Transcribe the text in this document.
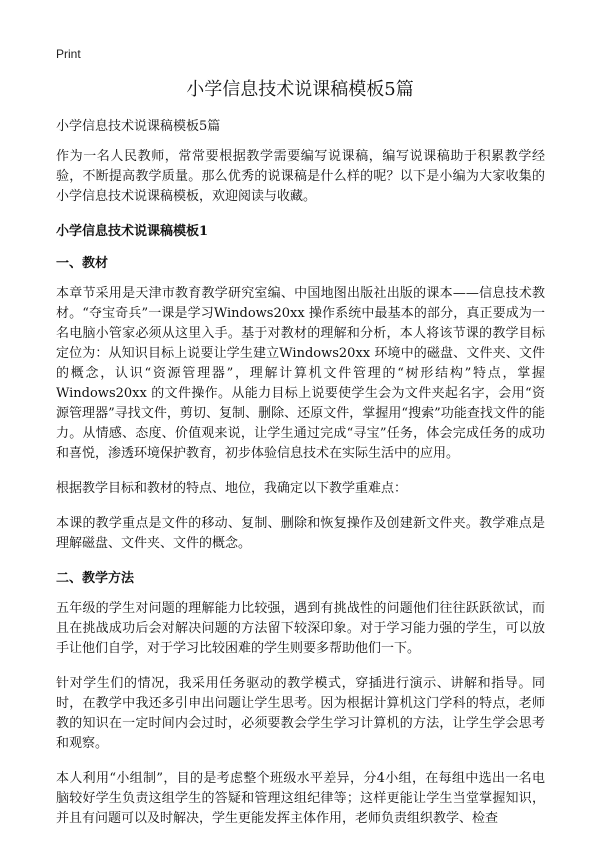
Print
小学信息技术说课稿模板5篇

小学信息技术说课稿模板5篇

作为一名人民教师，常常要根据教学需要编写说课稿，编写说课稿助于积累教学经验，不断提高教学质量。那么优秀的说课稿是什么样的呢？以下是小编为大家收集的小学信息技术说课稿模板，欢迎阅读与收藏。

小学信息技术说课稿模板1
一、教材

本章节采用是天津市教育教学研究室编、中国地图出版社出版的课本——信息技术教材。“夺宝奇兵”一课是学习Windows20xx 操作系统中最基本的部分，真正要成为一名电脑小管家必须从这里入手。基于对教材的理解和分析，本人将该节课的教学目标定位为：从知识目标上说要让学生建立Windows20xx 环境中的磁盘、文件夹、文件的概念，认识“资源管理器”，理解计算机文件管理的“树形结构”特点，掌握Windows20xx 的文件操作。从能力目标上说要使学生会为文件夹起名字，会用“资源管理器”寻找文件，剪切、复制、删除、还原文件，掌握用“搜索”功能查找文件的能力。从情感、态度、价值观来说，让学生通过完成“寻宝”任务，体会完成任务的成功和喜悦，渗透环境保护教育，初步体验信息技术在实际生活中的应用。

根据教学目标和教材的特点、地位，我确定以下教学重难点：

本课的教学重点是文件的移动、复制、删除和恢复操作及创建新文件夹。教学难点是理解磁盘、文件夹、文件的概念。

二、教学方法

五年级的学生对问题的理解能力比较强，遇到有挑战性的问题他们往往跃跃欲试，而且在挑战成功后会对解决问题的方法留下较深印象。对于学习能力强的学生，可以放手让他们自学，对于学习比较困难的学生则要多帮助他们一下。

针对学生们的情况，我采用任务驱动的教学模式，穿插进行演示、讲解和指导。同时，在教学中我还多引申出问题让学生思考。因为根据计算机这门学科的特点，老师教的知识在一定时间内会过时，必须要教会学生学习计算机的方法，让学生学会思考和观察。

本人利用“小组制”，目的是考虑整个班级水平差异，分4小组，在每组中选出一名电脑较好学生负责这组学生的答疑和管理这组纪律等；这样更能让学生当堂掌握知识，并且有问题可以及时解决，学生更能发挥主体作用，老师负责组织教学、检查
